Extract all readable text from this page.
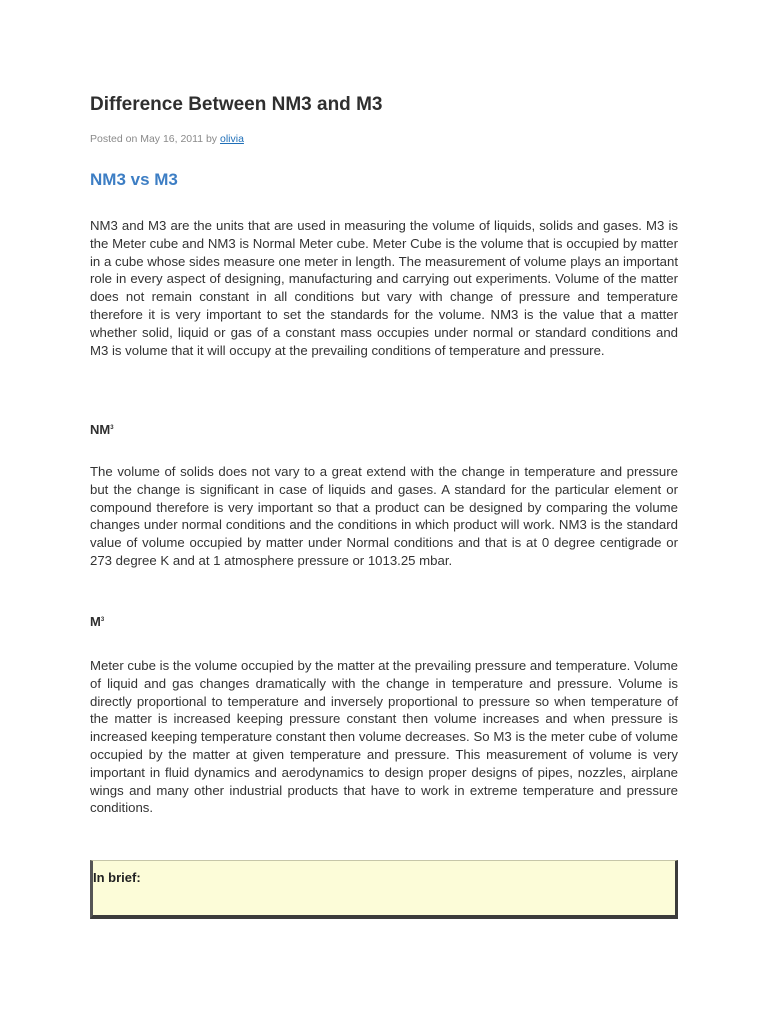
Difference Between NM3 and M3
Posted on May 16, 2011 by olivia
NM3 vs M3

NM3 and M3 are the units that are used in measuring the volume of liquids, solids and gases. M3 is the Meter cube and NM3 is Normal Meter cube. Meter Cube is the volume that is occupied by matter in a cube whose sides measure one meter in length. The measurement of volume plays an important role in every aspect of designing, manufacturing and carrying out experiments. Volume of the matter does not remain constant in all conditions but vary with change of pressure and temperature therefore it is very important to set the standards for the volume. NM3 is the value that a matter whether solid, liquid or gas of a constant mass occupies under normal or standard conditions and M3 is volume that it will occupy at the prevailing conditions of temperature and pressure.

$NM^3$

The volume of solids does not vary to a great extend with the change in temperature and pressure but the change is significant in case of liquids and gases. A standard for the particular element or compound therefore is very important so that a product can be designed by comparing the volume changes under normal conditions and the conditions in which product will work. NM3 is the standard value of volume occupied by matter under Normal conditions and that is at 0 degree centigrade or 273 degree K and at 1 atmosphere pressure or 1013.25 mbar.

$M^3$

Meter cube is the volume occupied by the matter at the prevailing pressure and temperature. Volume of liquid and gas changes dramatically with the change in temperature and pressure. Volume is directly proportional to temperature and inversely proportional to pressure so when temperature of the matter is increased keeping pressure constant then volume increases and when pressure is increased keeping temperature constant then volume decreases. So M3 is the meter cube of volume occupied by the matter at given temperature and pressure. This measurement of volume is very important in fluid dynamics and aerodynamics to design proper designs of pipes, nozzles, airplane wings and many other industrial products that have to work in extreme temperature and pressure conditions.

In brief:
